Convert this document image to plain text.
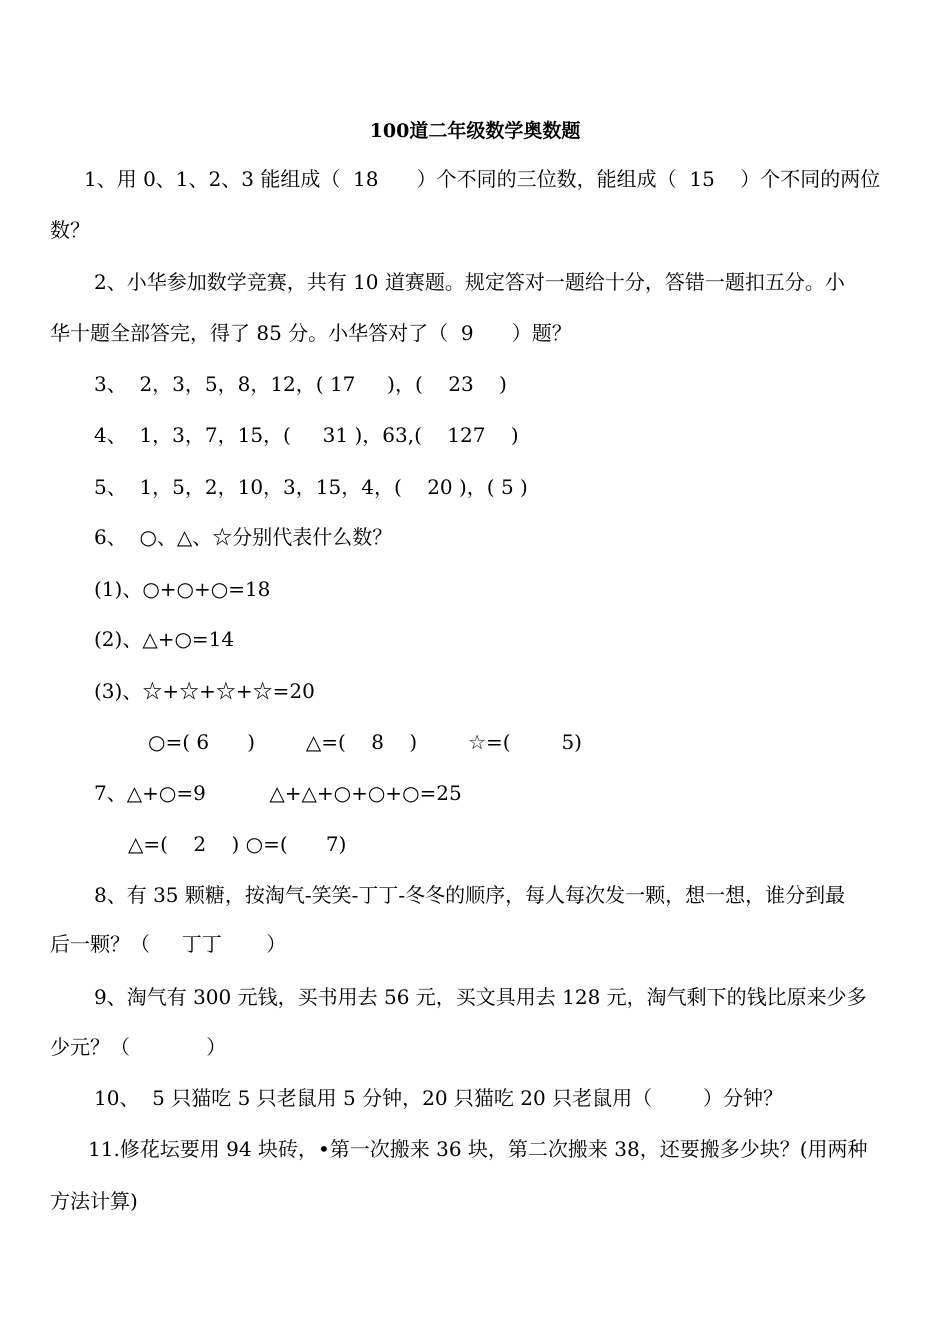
100道二年级数学奥数题
1、用 0、1、2、3 能组成（  18      ）个不同的三位数，能组成（  15    ）个不同的两位
数？
2、小华参加数学竞赛，共有 10 道赛题。规定答对一题给十分，答错一题扣五分。小
华十题全部答完，得了 85 分。小华答对了（  9      ）题？
3、  2，3，5，8，12，( 17     )，(    23    )
4、  1，3，7，15，(     31 )，63,(    127    )
5、  1，5，2，10，3，15，4，(    20 )，( 5 )
6、  ○、△、☆分别代表什么数？
(1)、○+○+○=18
(2)、△+○=14
(3)、☆+☆+☆+☆=20
○=( 6      )        △=(    8    )        ☆=(        5)
7、△+○=9          △+△+○+○+○=25
△=(    2    ) ○=(      7)
8、有 35 颗糖，按淘气-笑笑-丁丁-冬冬的顺序，每人每次发一颗，想一想，谁分到最
后一颗？（     丁丁       ）
9、淘气有 300 元钱，买书用去 56 元，买文具用去 128 元，淘气剩下的钱比原来少多
少元？（            ）
10、  5 只猫吃 5 只老鼠用 5 分钟，20 只猫吃 20 只老鼠用（        ）分钟？
11.修花坛要用 94 块砖，•第一次搬来 36 块，第二次搬来 38，还要搬多少块？(用两种
方法计算)
